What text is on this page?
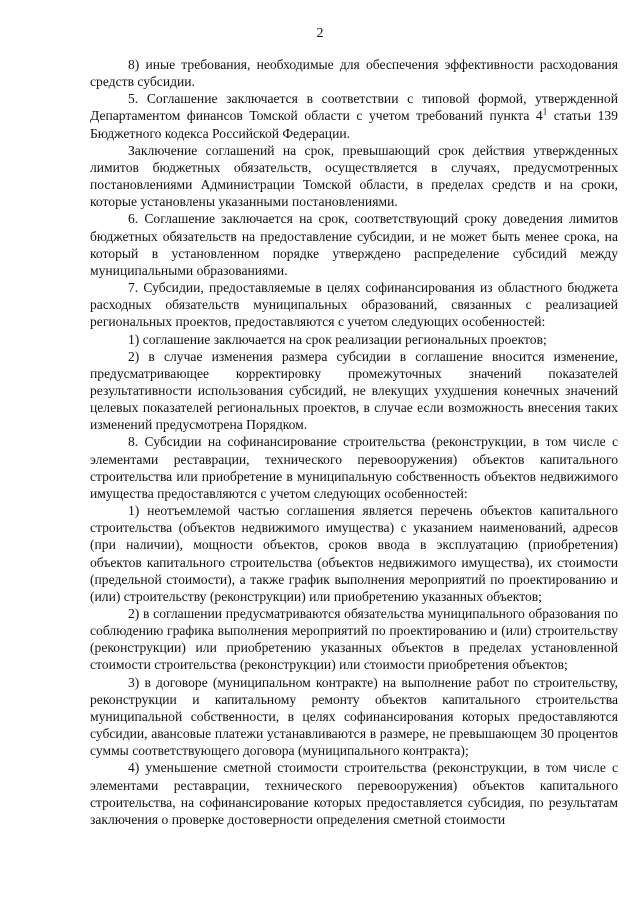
2

8) иные требования, необходимые для обеспечения эффективности расходования средств субсидии.

5. Соглашение заключается в соответствии с типовой формой, утвержденной Департаментом финансов Томской области с учетом требований пункта $4^1$ статьи 139 Бюджетного кодекса Российской Федерации.

Заключение соглашений на срок, превышающий срок действия утвержденных лимитов бюджетных обязательств, осуществляется в случаях, предусмотренных постановлениями Администрации Томской области, в пределах средств и на сроки, которые установлены указанными постановлениями.

6. Соглашение заключается на срок, соответствующий сроку доведения лимитов бюджетных обязательств на предоставление субсидии, и не может быть менее срока, на который в установленном порядке утверждено распределение субсидий между муниципальными образованиями.

7. Субсидии, предоставляемые в целях софинансирования из областного бюджета расходных обязательств муниципальных образований, связанных с реализацией региональных проектов, предоставляются с учетом следующих особенностей:

1) соглашение заключается на срок реализации региональных проектов;

2) в случае изменения размера субсидии в соглашение вносится изменение, предусматривающее корректировку промежуточных значений показателей результативности использования субсидий, не влекущих ухудшения конечных значений целевых показателей региональных проектов, в случае если возможность внесения таких изменений предусмотрена Порядком.

8. Субсидии на софинансирование строительства (реконструкции, в том числе с элементами реставрации, технического перевооружения) объектов капитального строительства или приобретение в муниципальную собственность объектов недвижимого имущества предоставляются с учетом следующих особенностей:

1) неотъемлемой частью соглашения является перечень объектов капитального строительства (объектов недвижимого имущества) с указанием наименований, адресов (при наличии), мощности объектов, сроков ввода в эксплуатацию (приобретения) объектов капитального строительства (объектов недвижимого имущества), их стоимости (предельной стоимости), а также график выполнения мероприятий по проектированию и (или) строительству (реконструкции) или приобретению указанных объектов;

2) в соглашении предусматриваются обязательства муниципального образования по соблюдению графика выполнения мероприятий по проектированию и (или) строительству (реконструкции) или приобретению указанных объектов в пределах установленной стоимости строительства (реконструкции) или стоимости приобретения объектов;

3) в договоре (муниципальном контракте) на выполнение работ по строительству, реконструкции и капитальному ремонту объектов капитального строительства муниципальной собственности, в целях софинансирования которых предоставляются субсидии, авансовые платежи устанавливаются в размере, не превышающем 30 процентов суммы соответствующего договора (муниципального контракта);

4) уменьшение сметной стоимости строительства (реконструкции, в том числе с элементами реставрации, технического перевооружения) объектов капитального строительства, на софинансирование которых предоставляется субсидия, по результатам заключения о проверке достоверности определения сметной стоимости
